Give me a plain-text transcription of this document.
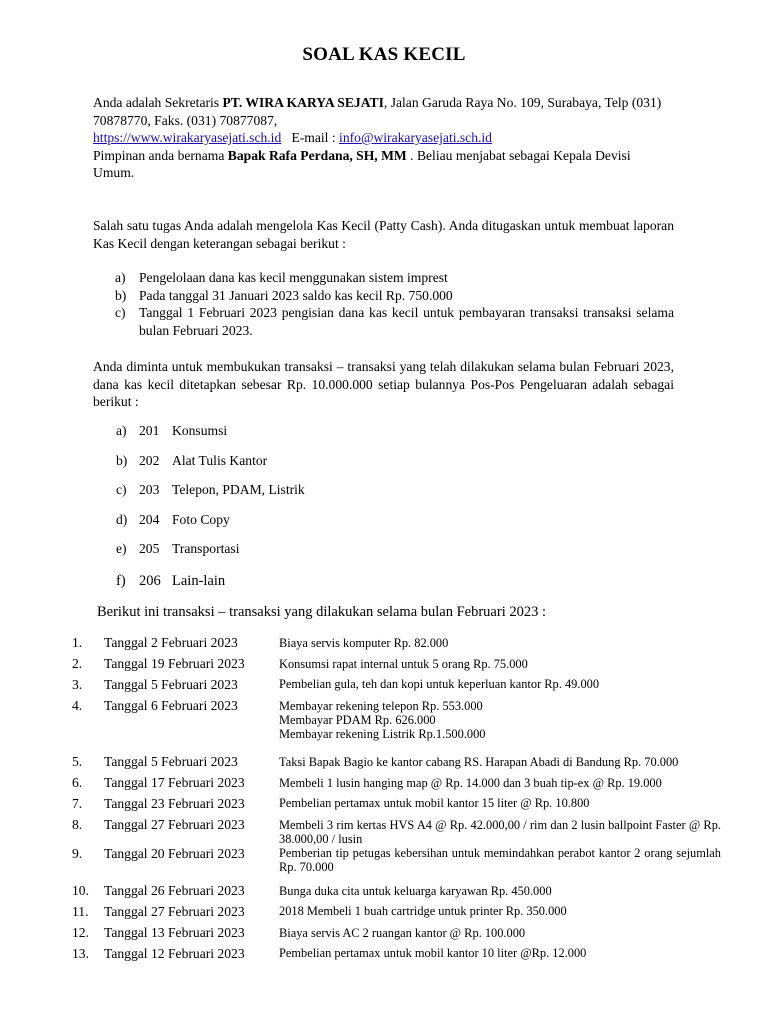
SOAL KAS KECIL
Anda adalah Sekretaris PT. WIRA KARYA SEJATI, Jalan Garuda Raya No. 109, Surabaya, Telp (031) 70878770, Faks. (031) 70877087,
https://www.wirakaryasejati.sch.id E-mail : info@wirakaryasejati.sch.id
Pimpinan anda bernama Bapak Rafa Perdana, SH, MM . Beliau menjabat sebagai Kepala Devisi Umum.
Salah satu tugas Anda adalah mengelola Kas Kecil (Patty Cash). Anda ditugaskan untuk membuat laporan Kas Kecil dengan keterangan sebagai berikut :
a) Pengelolaan dana kas kecil menggunakan sistem imprest
b) Pada tanggal 31 Januari 2023 saldo kas kecil Rp. 750.000
c) Tanggal 1 Februari 2023 pengisian dana kas kecil untuk pembayaran transaksi transaksi selama bulan Februari 2023.
Anda diminta untuk membukukan transaksi – transaksi yang telah dilakukan selama bulan Februari 2023, dana kas kecil ditetapkan sebesar Rp. 10.000.000 setiap bulannya Pos-Pos Pengeluaran adalah sebagai berikut :
a) 201 Konsumsi
b) 202 Alat Tulis Kantor
c) 203 Telepon, PDAM, Listrik
d) 204 Foto Copy
e) 205 Transportasi
f) 206 Lain-lain
Berikut ini transaksi – transaksi yang dilakukan selama bulan Februari 2023 :
1. Tanggal 2 Februari 2023	Biaya servis komputer Rp. 82.000
2. Tanggal 19 Februari 2023	Konsumsi rapat internal untuk 5 orang Rp. 75.000
3. Tanggal 5 Februari 2023	Pembelian gula, teh dan kopi untuk keperluan kantor Rp. 49.000
4. Tanggal 6 Februari 2023	Membayar rekening telepon Rp. 553.000
Membayar PDAM Rp. 626.000
Membayar rekening Listrik Rp.1.500.000
5. Tanggal 5 Februari 2023	Taksi Bapak Bagio ke kantor cabang RS. Harapan Abadi di Bandung Rp. 70.000
6. Tanggal 17 Februari 2023	Membeli 1 lusin hanging map @ Rp. 14.000 dan 3 buah tip-ex @ Rp. 19.000
7. Tanggal 23 Februari 2023	Pembelian pertamax untuk mobil kantor 15 liter @ Rp. 10.800
8. Tanggal 27 Februari 2023	Membeli 3 rim kertas HVS A4 @ Rp. 42.000,00 / rim dan 2 lusin ballpoint Faster @ Rp. 38.000,00 / lusin
9. Tanggal 20 Februari 2023	Pemberian tip petugas kebersihan untuk memindahkan perabot kantor 2 orang sejumlah Rp. 70.000
10. Tanggal 26 Februari 2023	Bunga duka cita untuk keluarga karyawan Rp. 450.000
11. Tanggal 27 Februari 2023	2018 Membeli 1 buah cartridge untuk printer Rp. 350.000
12. Tanggal 13 Februari 2023	Biaya servis AC 2 ruangan kantor @ Rp. 100.000
13. Tanggal 12 Februari 2023	Pembelian pertamax untuk mobil kantor 10 liter @Rp. 12.000
